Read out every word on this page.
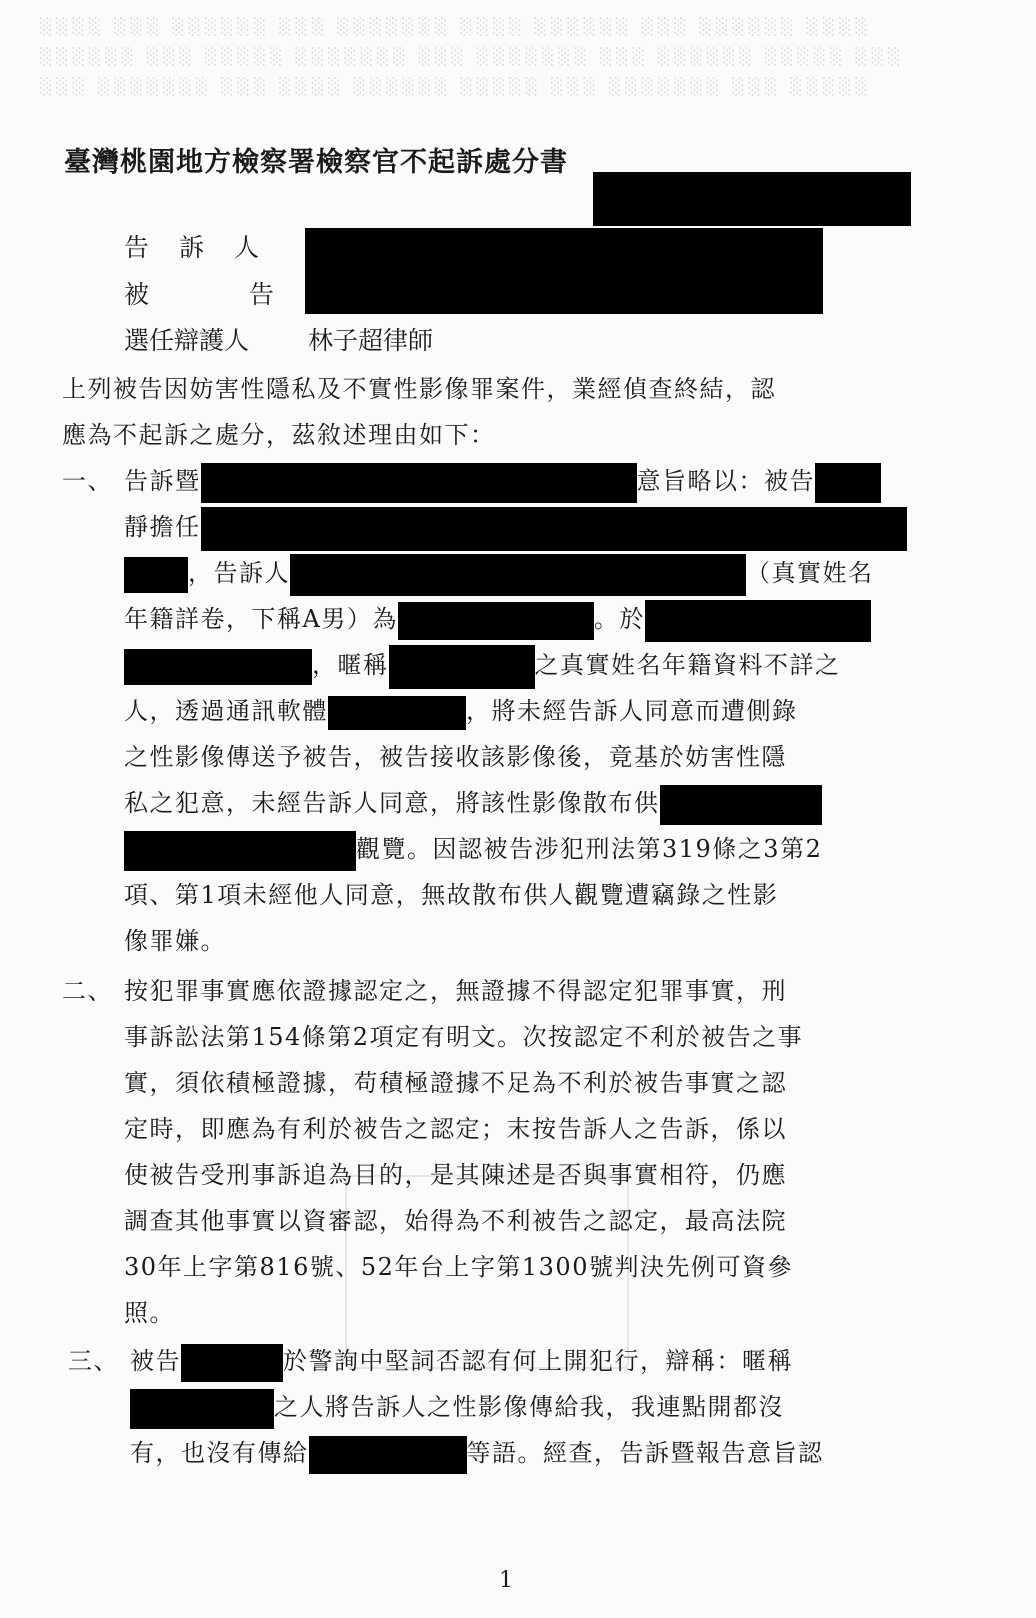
░░░░ ░░░ ░░░░░░ ░░░ ░░░░░░░ ░░░░ ░░░░░░ ░░░ ░░░░░░ ░░░░
░░░░░░ ░░░ ░░░░░ ░░░░░░░ ░░░ ░░░░░░░ ░░░ ░░░░░░ ░░░░░ ░░░
░░░ ░░░░░░░ ░░░ ░░░░ ░░░░░░ ░░░░░ ░░░ ░░░░░░░ ░░░ ░░░░░
臺灣桃園地方檢察署檢察官不起訴處分書
告訴人
被告
選任辯護人 林子超律師
上列被告因妨害性隱私及不實性影像罪案件，業經偵查終結，認
應為不起訴之處分，茲敘述理由如下：
一、 告訴暨	意旨略以：被告
靜擔任
，告訴人	（真實姓名
年籍詳卷，下稱A男）為	。於
，暱稱	之真實姓名年籍資料不詳之
人，透過通訊軟體	，將未經告訴人同意而遭側錄
之性影像傳送予被告，被告接收該影像後，竟基於妨害性隱
私之犯意，未經告訴人同意，將該性影像散布供
觀覽。因認被告涉犯刑法第319條之3第2
項、第1項未經他人同意，無故散布供人觀覽遭竊錄之性影
像罪嫌。
二、 按犯罪事實應依證據認定之，無證據不得認定犯罪事實，刑
事訴訟法第154條第2項定有明文。次按認定不利於被告之事
實，須依積極證據，苟積極證據不足為不利於被告事實之認
定時，即應為有利於被告之認定；末按告訴人之告訴，係以
使被告受刑事訴追為目的，是其陳述是否與事實相符，仍應
調查其他事實以資審認，始得為不利被告之認定，最高法院
30年上字第816號、52年台上字第1300號判決先例可資參
照。
三、 被告	於警詢中堅詞否認有何上開犯行，辯稱：暱稱
之人將告訴人之性影像傳給我，我連點開都沒
有，也沒有傳給	等語。經查，告訴暨報告意旨認
1
